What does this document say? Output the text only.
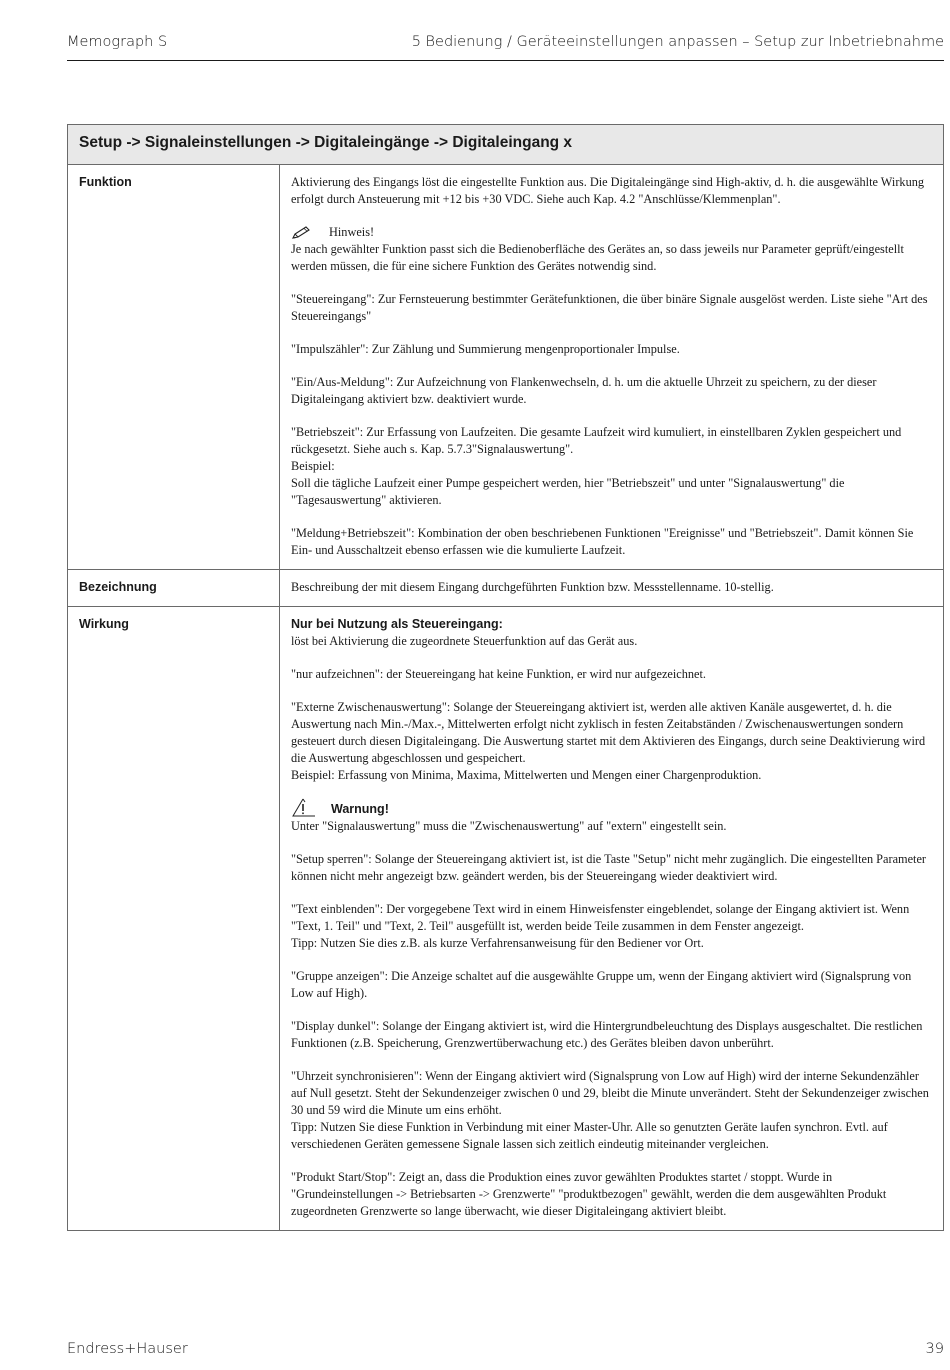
Memograph S	5 Bedienung / Geräteeinstellungen anpassen – Setup zur Inbetriebnahme
Setup -> Signaleinstellungen -> Digitaleingänge -> Digitaleingang x
Funktion	Aktivierung des Eingangs löst die eingestellte Funktion aus. Die Digitaleingänge sind High-aktiv, d. h. die ausgewählte Wirkung erfolgt durch Ansteuerung mit +12 bis +30 VDC. Siehe auch Kap. 4.2 "Anschlüsse/Klemmenplan".

Hinweis!
Je nach gewählter Funktion passt sich die Bedienoberfläche des Gerätes an, so dass jeweils nur Parameter geprüft/eingestellt werden müssen, die für eine sichere Funktion des Gerätes notwendig sind.

"Steuereingang": Zur Fernsteuerung bestimmter Gerätefunktionen, die über binäre Signale ausgelöst werden. Liste siehe "Art des Steuereingangs"

"Impulszähler": Zur Zählung und Summierung mengenproportionaler Impulse.

"Ein/Aus-Meldung": Zur Aufzeichnung von Flankenwechseln, d. h. um die aktuelle Uhrzeit zu speichern, zu der dieser Digitaleingang aktiviert bzw. deaktiviert wurde.

"Betriebszeit": Zur Erfassung von Laufzeiten. Die gesamte Laufzeit wird kumuliert, in einstellbaren Zyklen gespeichert und rückgesetzt. Siehe auch s. Kap. 5.7.3"Signalauswertung".
Beispiel:
Soll die tägliche Laufzeit einer Pumpe gespeichert werden, hier "Betriebszeit" und unter "Signalauswertung" die "Tagesauswertung" aktivieren.

"Meldung+Betriebszeit": Kombination der oben beschriebenen Funktionen "Ereignisse" und "Betriebszeit". Damit können Sie Ein- und Ausschaltzeit ebenso erfassen wie die kumulierte Laufzeit.

Bezeichnung	Beschreibung der mit diesem Eingang durchgeführten Funktion bzw. Messstellenname. 10-stellig.

Wirkung	Nur bei Nutzung als Steuereingang:
löst bei Aktivierung die zugeordnete Steuerfunktion auf das Gerät aus.

"nur aufzeichnen": der Steuereingang hat keine Funktion, er wird nur aufgezeichnet.

"Externe Zwischenauswertung": Solange der Steuereingang aktiviert ist, werden alle aktiven Kanäle ausgewertet, d. h. die Auswertung nach Min.-/Max.-, Mittelwerten erfolgt nicht zyklisch in festen Zeitabständen / Zwischenauswertungen sondern gesteuert durch diesen Digitaleingang. Die Auswertung startet mit dem Aktivieren des Eingangs, durch seine Deaktivierung wird die Auswertung abgeschlossen und gespeichert.
Beispiel: Erfassung von Minima, Maxima, Mittelwerten und Mengen einer Chargenproduktion.

Warnung!
Unter "Signalauswertung" muss die "Zwischenauswertung" auf "extern" eingestellt sein.

"Setup sperren": Solange der Steuereingang aktiviert ist, ist die Taste "Setup" nicht mehr zugänglich. Die eingestellten Parameter können nicht mehr angezeigt bzw. geändert werden, bis der Steuereingang wieder deaktiviert wird.

"Text einblenden": Der vorgegebene Text wird in einem Hinweisfenster eingeblendet, solange der Eingang aktiviert ist. Wenn "Text, 1. Teil" und "Text, 2. Teil" ausgefüllt ist, werden beide Teile zusammen in dem Fenster angezeigt.
Tipp: Nutzen Sie dies z.B. als kurze Verfahrensanweisung für den Bediener vor Ort.

"Gruppe anzeigen": Die Anzeige schaltet auf die ausgewählte Gruppe um, wenn der Eingang aktiviert wird (Signalsprung von Low auf High).

"Display dunkel": Solange der Eingang aktiviert ist, wird die Hintergrundbeleuchtung des Displays ausgeschaltet. Die restlichen Funktionen (z.B. Speicherung, Grenzwertüberwachung etc.) des Gerätes bleiben davon unberührt.

"Uhrzeit synchronisieren": Wenn der Eingang aktiviert wird (Signalsprung von Low auf High) wird der interne Sekundenzähler auf Null gesetzt. Steht der Sekundenzeiger zwischen 0 und 29, bleibt die Minute unverändert. Steht der Sekundenzeiger zwischen 30 und 59 wird die Minute um eins erhöht.
Tipp: Nutzen Sie diese Funktion in Verbindung mit einer Master-Uhr. Alle so genutzten Geräte laufen synchron. Evtl. auf verschiedenen Geräten gemessene Signale lassen sich zeitlich eindeutig miteinander vergleichen.

"Produkt Start/Stop": Zeigt an, dass die Produktion eines zuvor gewählten Produktes startet / stoppt. Wurde in "Grundeinstellungen -> Betriebsarten -> Grenzwerte" "produktbezogen" gewählt, werden die dem ausgewählten Produkt zugeordneten Grenzwerte so lange überwacht, wie dieser Digitaleingang aktiviert bleibt.

Endress+Hauser	39
